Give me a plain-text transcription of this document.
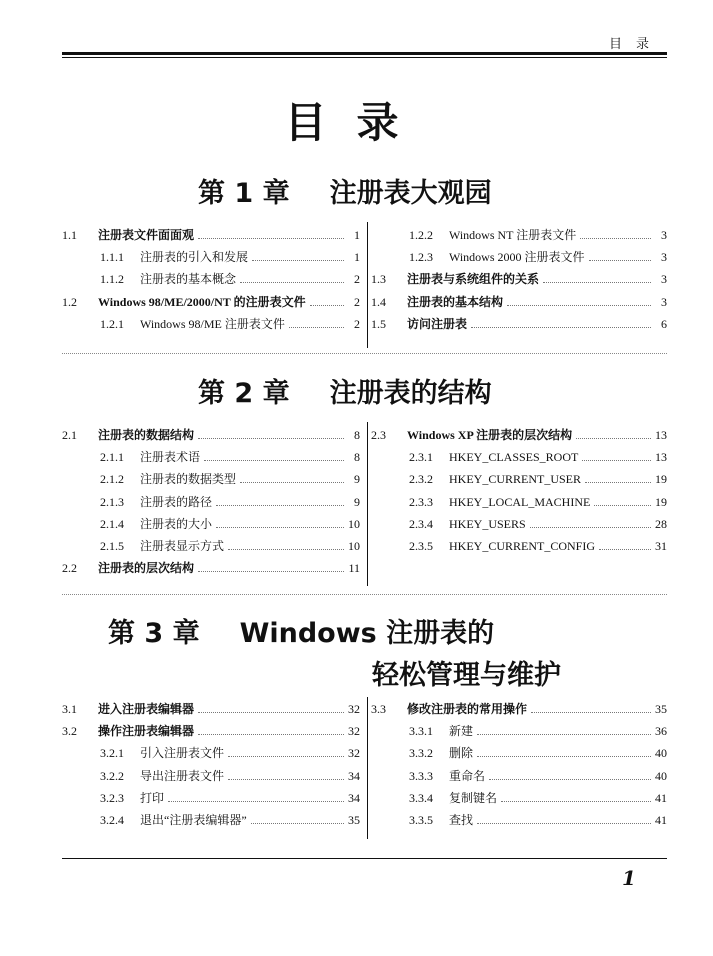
目录
目录
第 1 章 注册表大观园
1.1	注册表文件面面观	1
1.1.1	注册表的引入和发展	1
1.1.2	注册表的基本概念	2
1.2	Windows 98/ME/2000/NT 的注册表文件	2
1.2.1	Windows 98/ME 注册表文件	2
1.2.2	Windows NT 注册表文件	3
1.2.3	Windows 2000 注册表文件	3
1.3	注册表与系统组件的关系	3
1.4	注册表的基本结构	3
1.5	访问注册表	6
第 2 章 注册表的结构
2.1	注册表的数据结构	8
2.1.1	注册表术语	8
2.1.2	注册表的数据类型	9
2.1.3	注册表的路径	9
2.1.4	注册表的大小	10
2.1.5	注册表显示方式	10
2.2	注册表的层次结构	11
2.3	Windows XP 注册表的层次结构	13
2.3.1	HKEY_CLASSES_ROOT	13
2.3.2	HKEY_CURRENT_USER	19
2.3.3	HKEY_LOCAL_MACHINE	19
2.3.4	HKEY_USERS	28
2.3.5	HKEY_CURRENT_CONFIG	31
第 3 章 Windows 注册表的
轻松管理与维护
3.1	进入注册表编辑器	32
3.2	操作注册表编辑器	32
3.2.1	引入注册表文件	32
3.2.2	导出注册表文件	34
3.2.3	打印	34
3.2.4	退出“注册表编辑器”	35
3.3	修改注册表的常用操作	35
3.3.1	新建	36
3.3.2	删除	40
3.3.3	重命名	40
3.3.4	复制键名	41
3.3.5	查找	41
1
